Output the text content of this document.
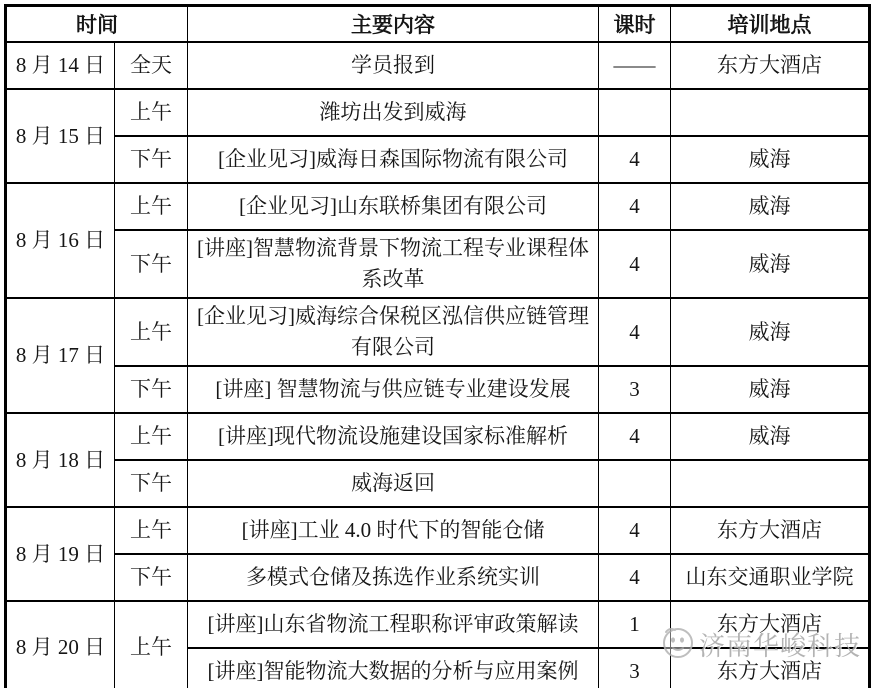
时间		主要内容	课时	培训地点
8 月 14 日	全天	学员报到	——	东方大酒店
8 月 15 日	上午	潍坊出发到威海		
	下午	[企业见习]威海日森国际物流有限公司	4	威海
8 月 16 日	上午	[企业见习]山东联桥集团有限公司	4	威海
	下午	[讲座]智慧物流背景下物流工程专业课程体系改革	4	威海
8 月 17 日	上午	[企业见习]威海综合保税区泓信供应链管理有限公司	4	威海
	下午	[讲座] 智慧物流与供应链专业建设发展	3	威海
8 月 18 日	上午	[讲座]现代物流设施建设国家标准解析	4	威海
	下午	威海返回		
8 月 19 日	上午	[讲座]工业 4.0 时代下的智能仓储	4	东方大酒店
	下午	多模式仓储及拣选作业系统实训	4	山东交通职业学院
8 月 20 日	上午	[讲座]山东省物流工程职称评审政策解读	1	东方大酒店
		[讲座]智能物流大数据的分析与应用案例	3	东方大酒店
济南华峻科技
